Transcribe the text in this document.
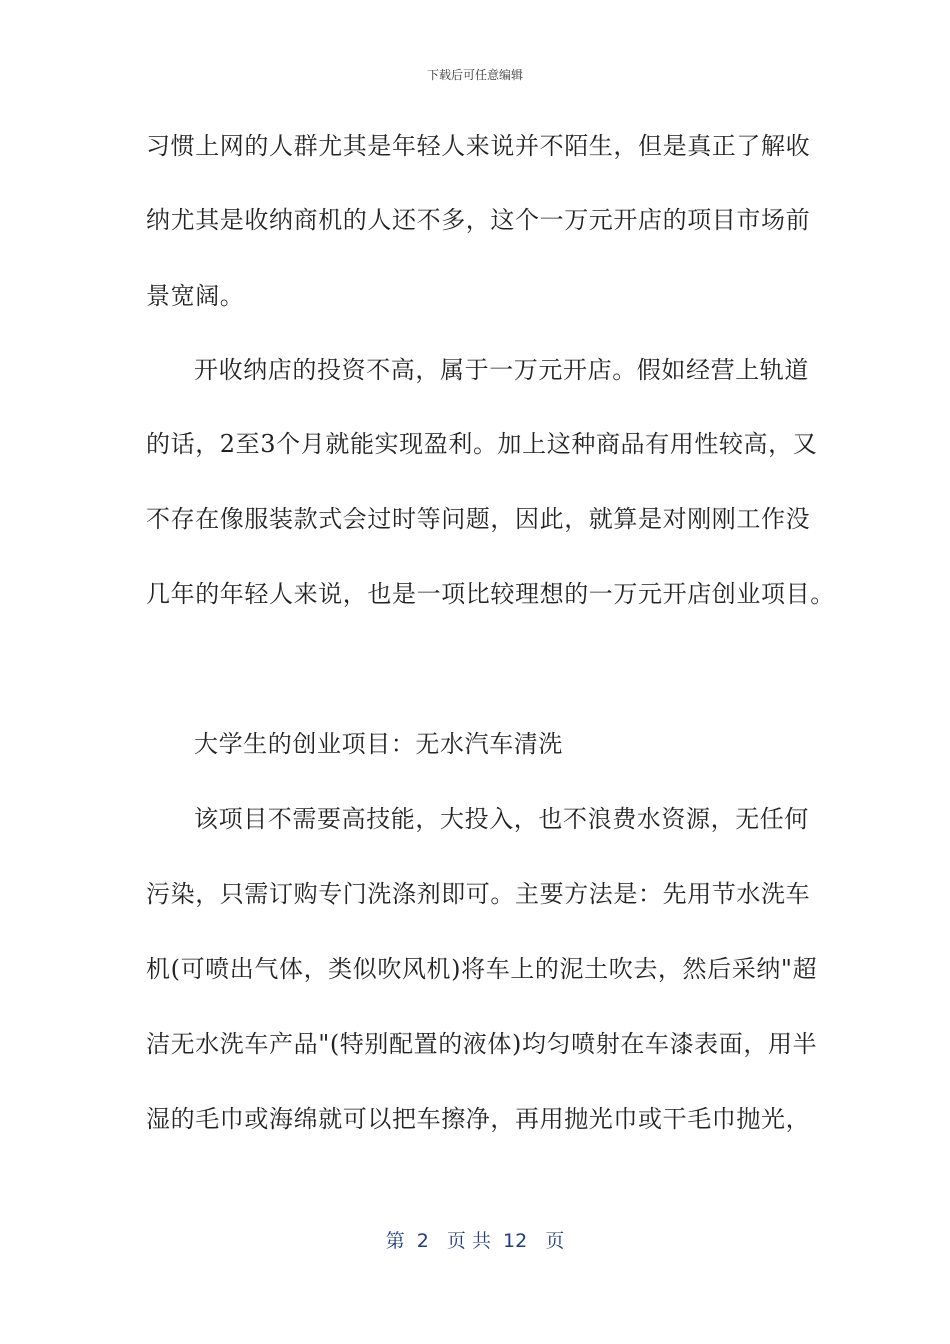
下载后可任意编辑
习惯上网的人群尤其是年轻人来说并不陌生，但是真正了解收
纳尤其是收纳商机的人还不多，这个一万元开店的项目市场前
景宽阔。
开收纳店的投资不高，属于一万元开店。假如经营上轨道
的话，2至3个月就能实现盈利。加上这种商品有用性较高，又
不存在像服装款式会过时等问题，因此，就算是对刚刚工作没
几年的年轻人来说，也是一项比较理想的一万元开店创业项目。
大学生的创业项目：无水汽车清洗
该项目不需要高技能，大投入，也不浪费水资源，无任何
污染，只需订购专门洗涤剂即可。主要方法是：先用节水洗车
机(可喷出气体，类似吹风机)将车上的泥土吹去，然后采纳"超
洁无水洗车产品"(特别配置的液体)均匀喷射在车漆表面，用半
湿的毛巾或海绵就可以把车擦净，再用抛光巾或干毛巾抛光，
第  2   页 共  12   页
